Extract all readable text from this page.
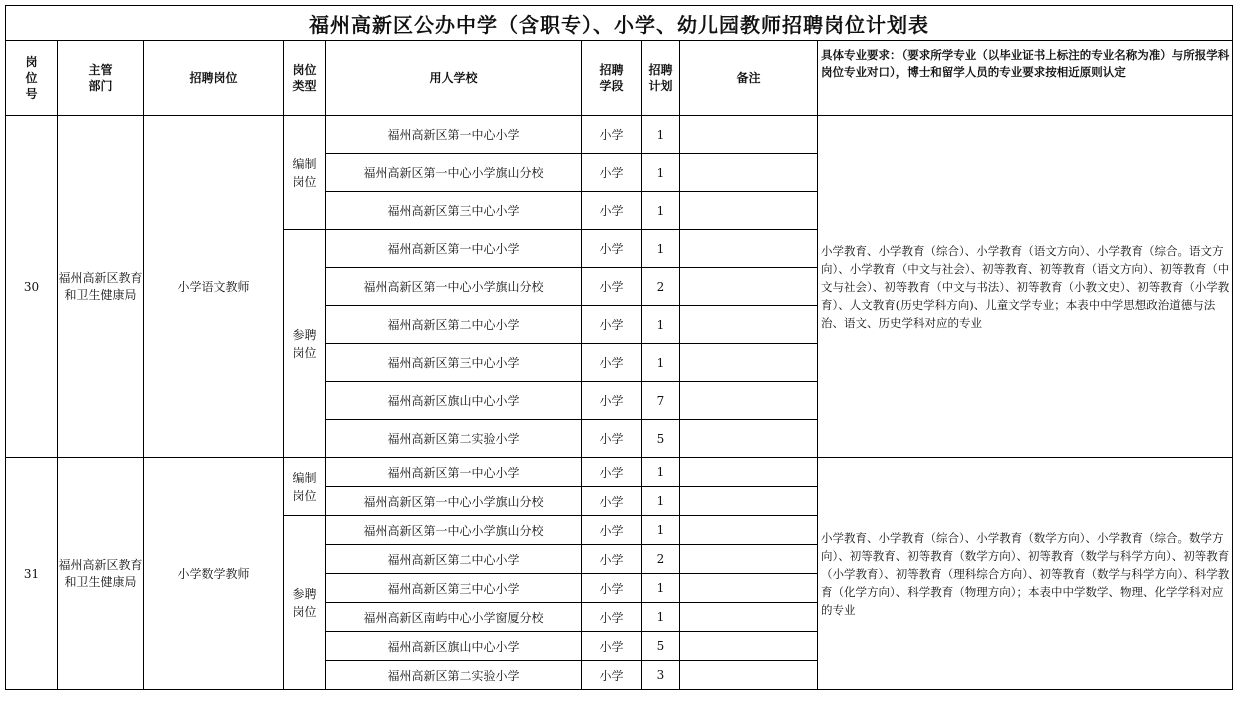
福州高新区公办中学（含职专）、小学、幼儿园教师招聘岗位计划表								

岗位号	主管部门	招聘岗位	岗位类型	用人学校	招聘学段	招聘计划	备注	具体专业要求：（要求所学专业（以毕业证书上标注的专业名称为准）与所报学科岗位专业对口），博士和留学人员的专业要求按相近原则认定
30	福州高新区教育和卫生健康局	小学语文教师	编制岗位	福州高新区第一中心小学	小学	1		小学教育、小学教育（综合）、小学教育（语文方向）、小学教育（综合。语文方向）、小学教育（中文与社会）、初等教育、初等教育（语文方向）、初等教育（中文与社会）、初等教育（中文与书法）、初等教育（小教文史）、初等教育（小学教育）、人文教育(历史学科方向)、儿童文学专业；本表中中学思想政治道德与法治、语文、历史学科对应的专业
				福州高新区第一中心小学旗山分校	小学	1		
				福州高新区第三中心小学	小学	1		

			参聘岗位	福州高新区第一中心小学	小学	1		
				福州高新区第一中心小学旗山分校	小学	2		
				福州高新区第二中心小学	小学	1		
				福州高新区第三中心小学	小学	1		
				福州高新区旗山中心小学	小学	7		
				福州高新区第二实验小学	小学	5		
31	福州高新区教育和卫生健康局	小学数学教师	编制岗位	福州高新区第一中心小学	小学	1		小学教育、小学教育（综合）、小学教育（数学方向）、小学教育（综合。数学方向）、初等教育、初等教育（数学方向）、初等教育（数学与科学方向）、初等教育（小学教育）、初等教育（理科综合方向）、初等教育（数学与科学方向）、科学教育（化学方向）、科学教育（物理方向）；本表中中学数学、物理、化学学科对应的专业
				福州高新区第一中心小学旗山分校	小学	1		

			参聘岗位	福州高新区第一中心小学旗山分校	小学	1		
				福州高新区第二中心小学	小学	2		
				福州高新区第三中心小学	小学	1		
				福州高新区南屿中心小学窗厦分校	小学	1		
				福州高新区旗山中心小学	小学	5		
				福州高新区第二实验小学	小学	3		
